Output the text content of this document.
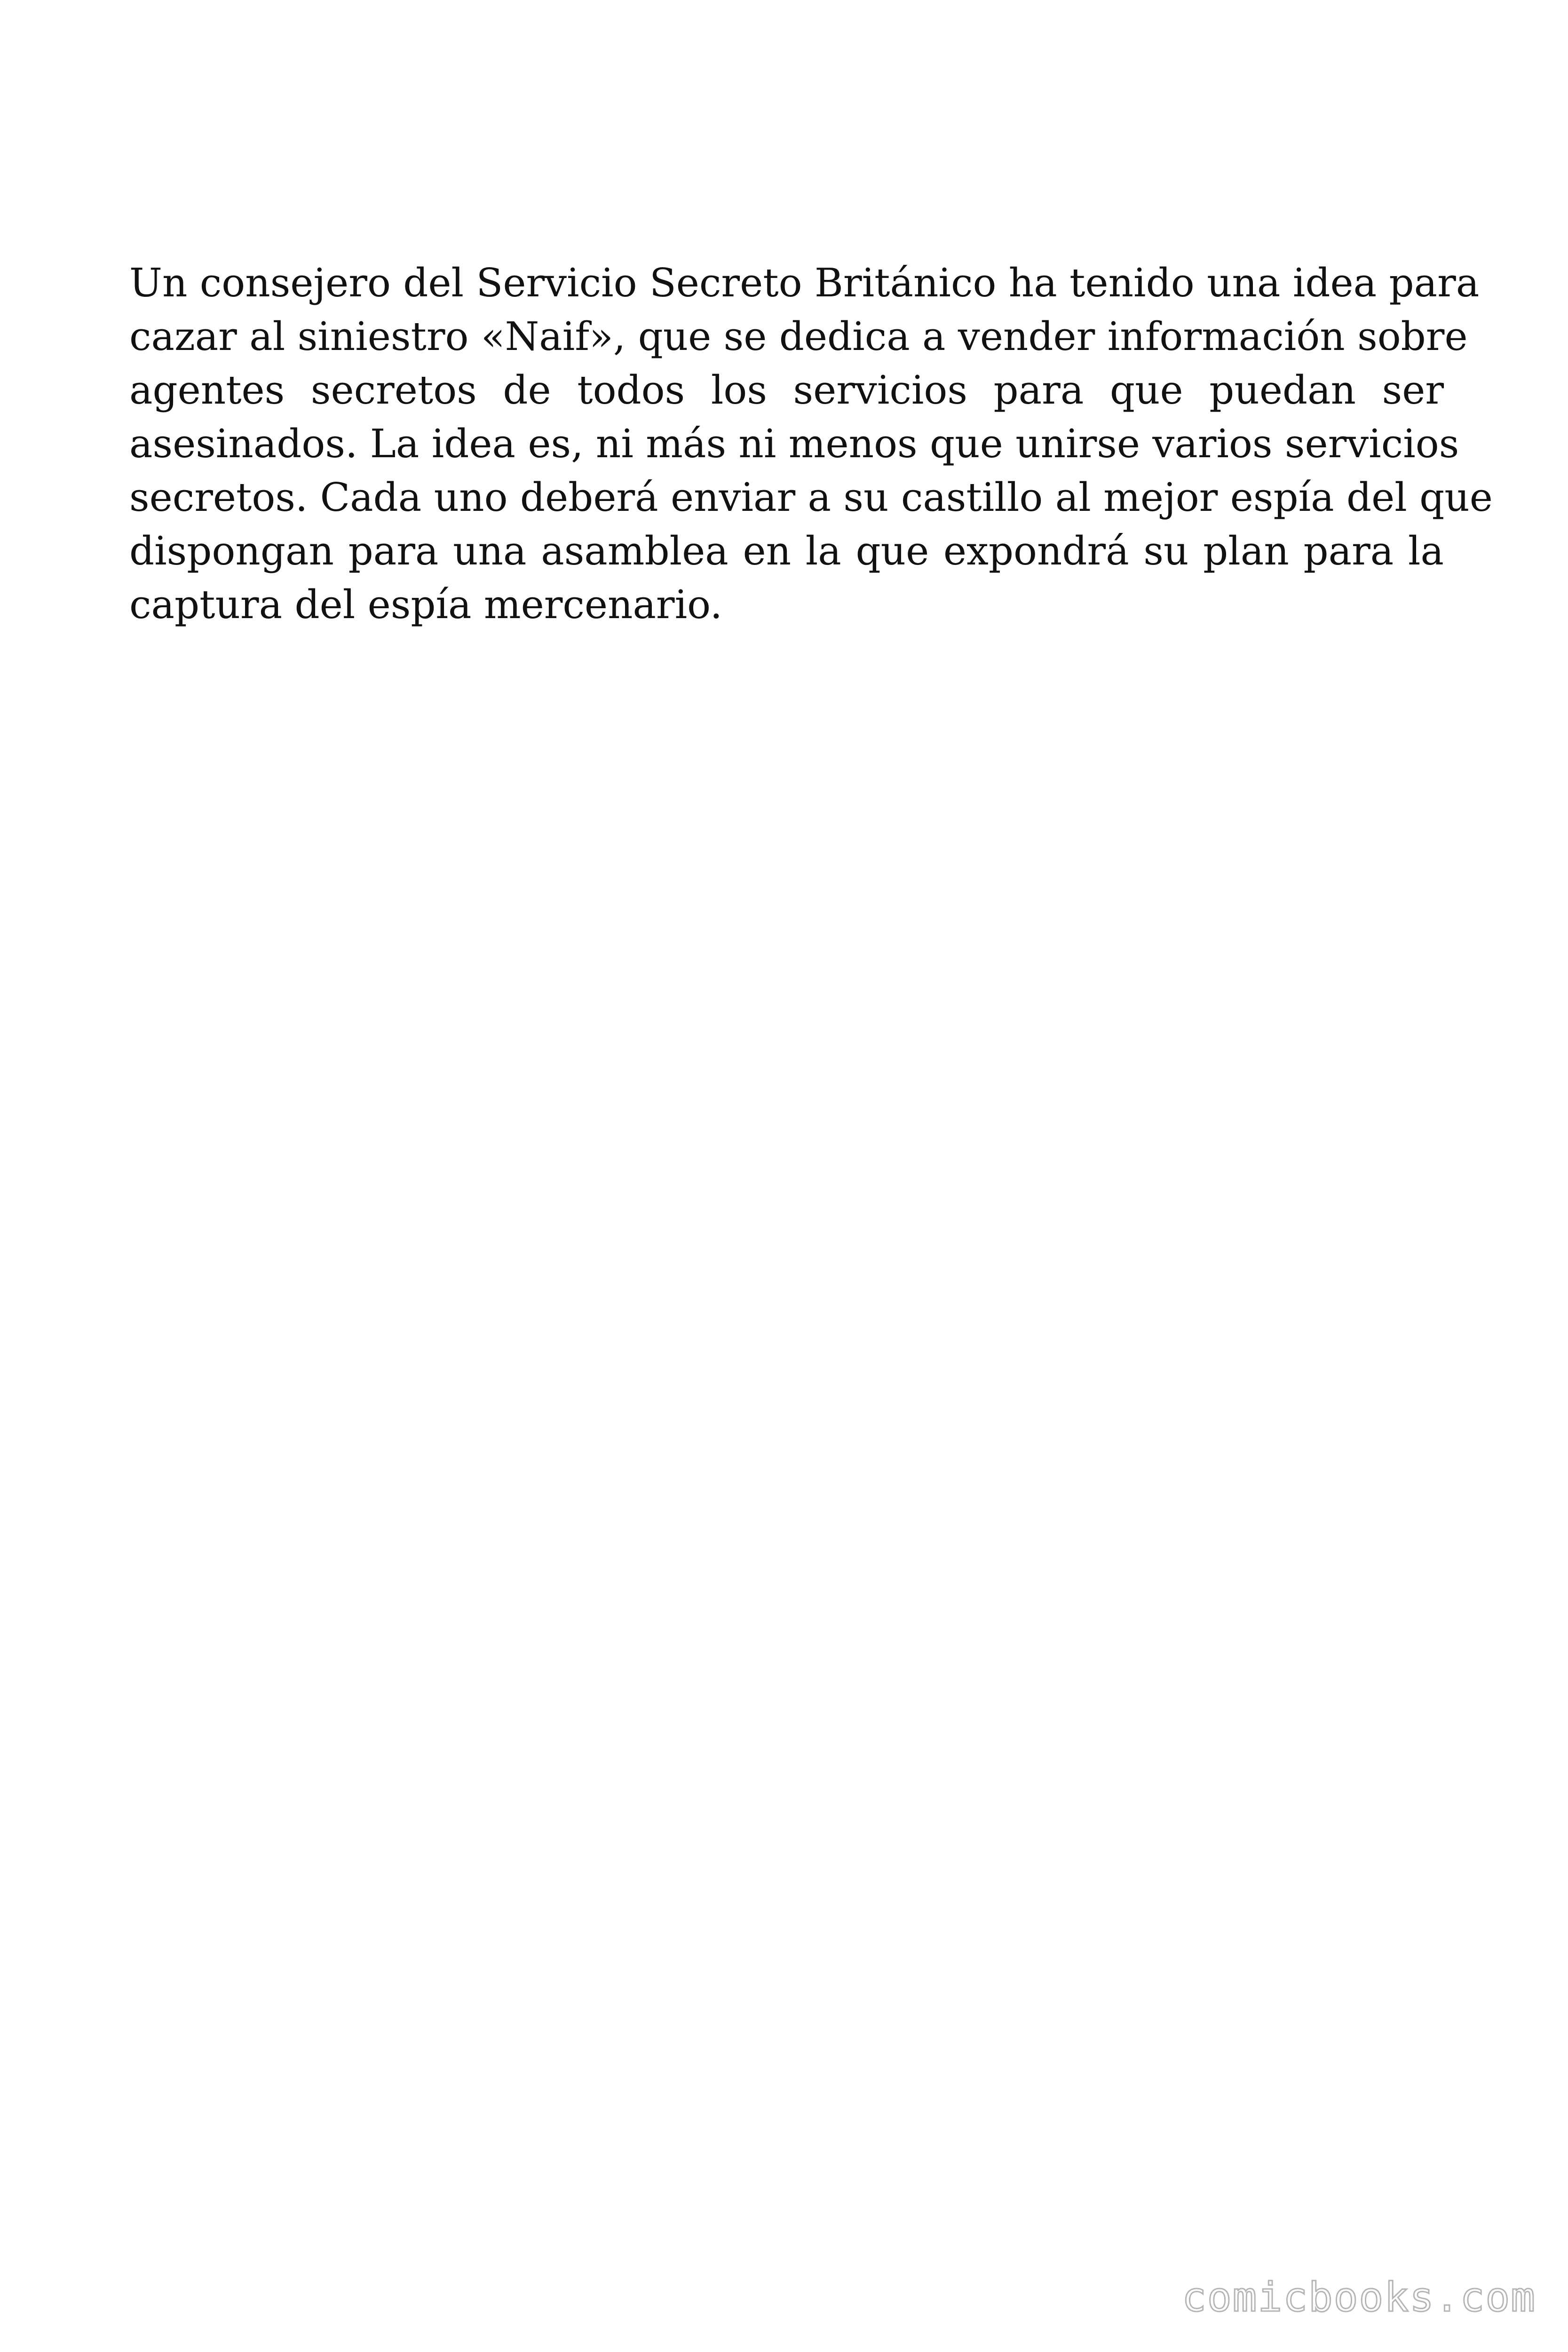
Un consejero del Servicio Secreto Británico ha tenido una idea para
cazar al siniestro «Naif», que se dedica a vender información sobre
agentes secretos de todos los servicios para que puedan ser
asesinados. La idea es, ni más ni menos que unirse varios servicios
secretos. Cada uno deberá enviar a su castillo al mejor espía del que
dispongan para una asamblea en la que expondrá su plan para la
captura del espía mercenario.
comicbooks.com
